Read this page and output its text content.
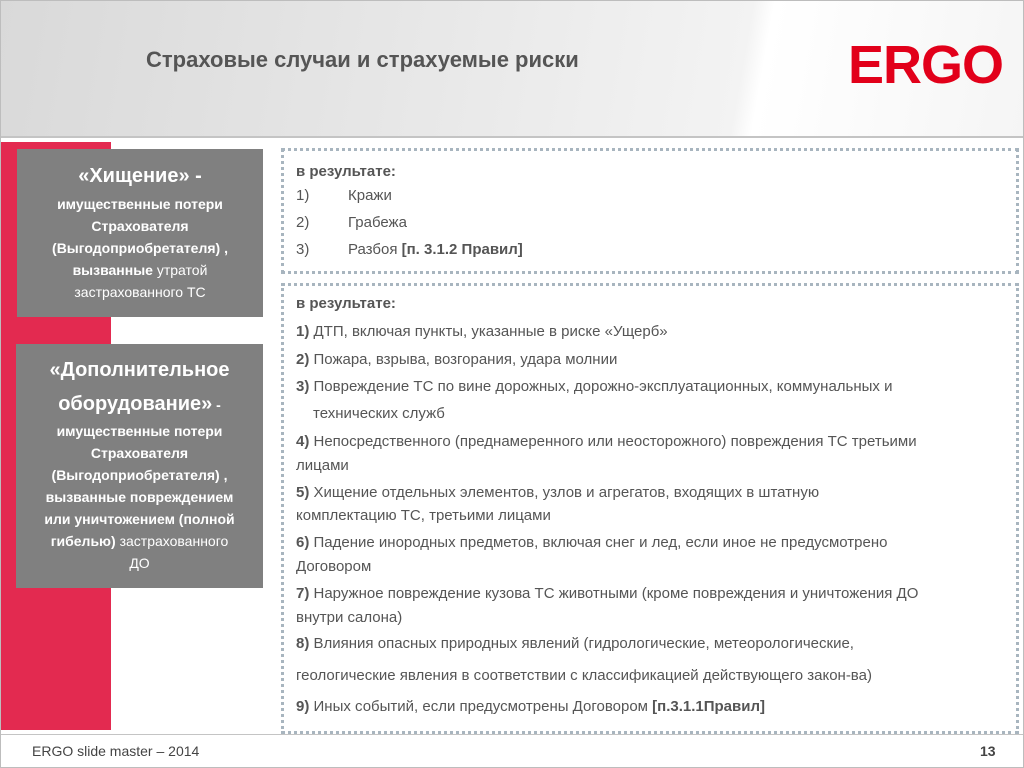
Страховые случаи и страхуемые риски	ERGO
«Хищение» -
имущественные потери
Страхователя
(Выгодоприобретателя) ,
вызванные утратой
застрахованного ТС
«Дополнительное
оборудование» -
имущественные потери
Страхователя
(Выгодоприобретателя) ,
вызванные повреждением
или уничтожением (полной
гибелью) застрахованного
ДО
в результате:
1)	Кражи
2)	Грабежа
3)	Разбоя [п. 3.1.2 Правил]
в результате:
1) ДТП, включая пункты, указанные в риске «Ущерб»
2) Пожара, взрыва, возгорания, удара молнии
3) Повреждение ТС по вине дорожных, дорожно-эксплуатационных, коммунальных и
технических служб
4) Непосредственного (преднамеренного или неосторожного) повреждения ТС третьими
лицами
5) Хищение отдельных элементов, узлов и агрегатов, входящих в штатную
комплектацию ТС, третьими лицами
6) Падение инородных предметов, включая снег и лед, если иное не предусмотрено
Договором
7) Наружное повреждение кузова ТС животными (кроме повреждения и уничтожения ДО
внутри салона)
8) Влияния опасных природных явлений (гидрологические, метеорологические,
геологические явления в соответствии с классификацией действующего закон-ва)
9) Иных событий, если предусмотрены Договором [п.3.1.1Правил]
ERGO slide master – 2014	13
